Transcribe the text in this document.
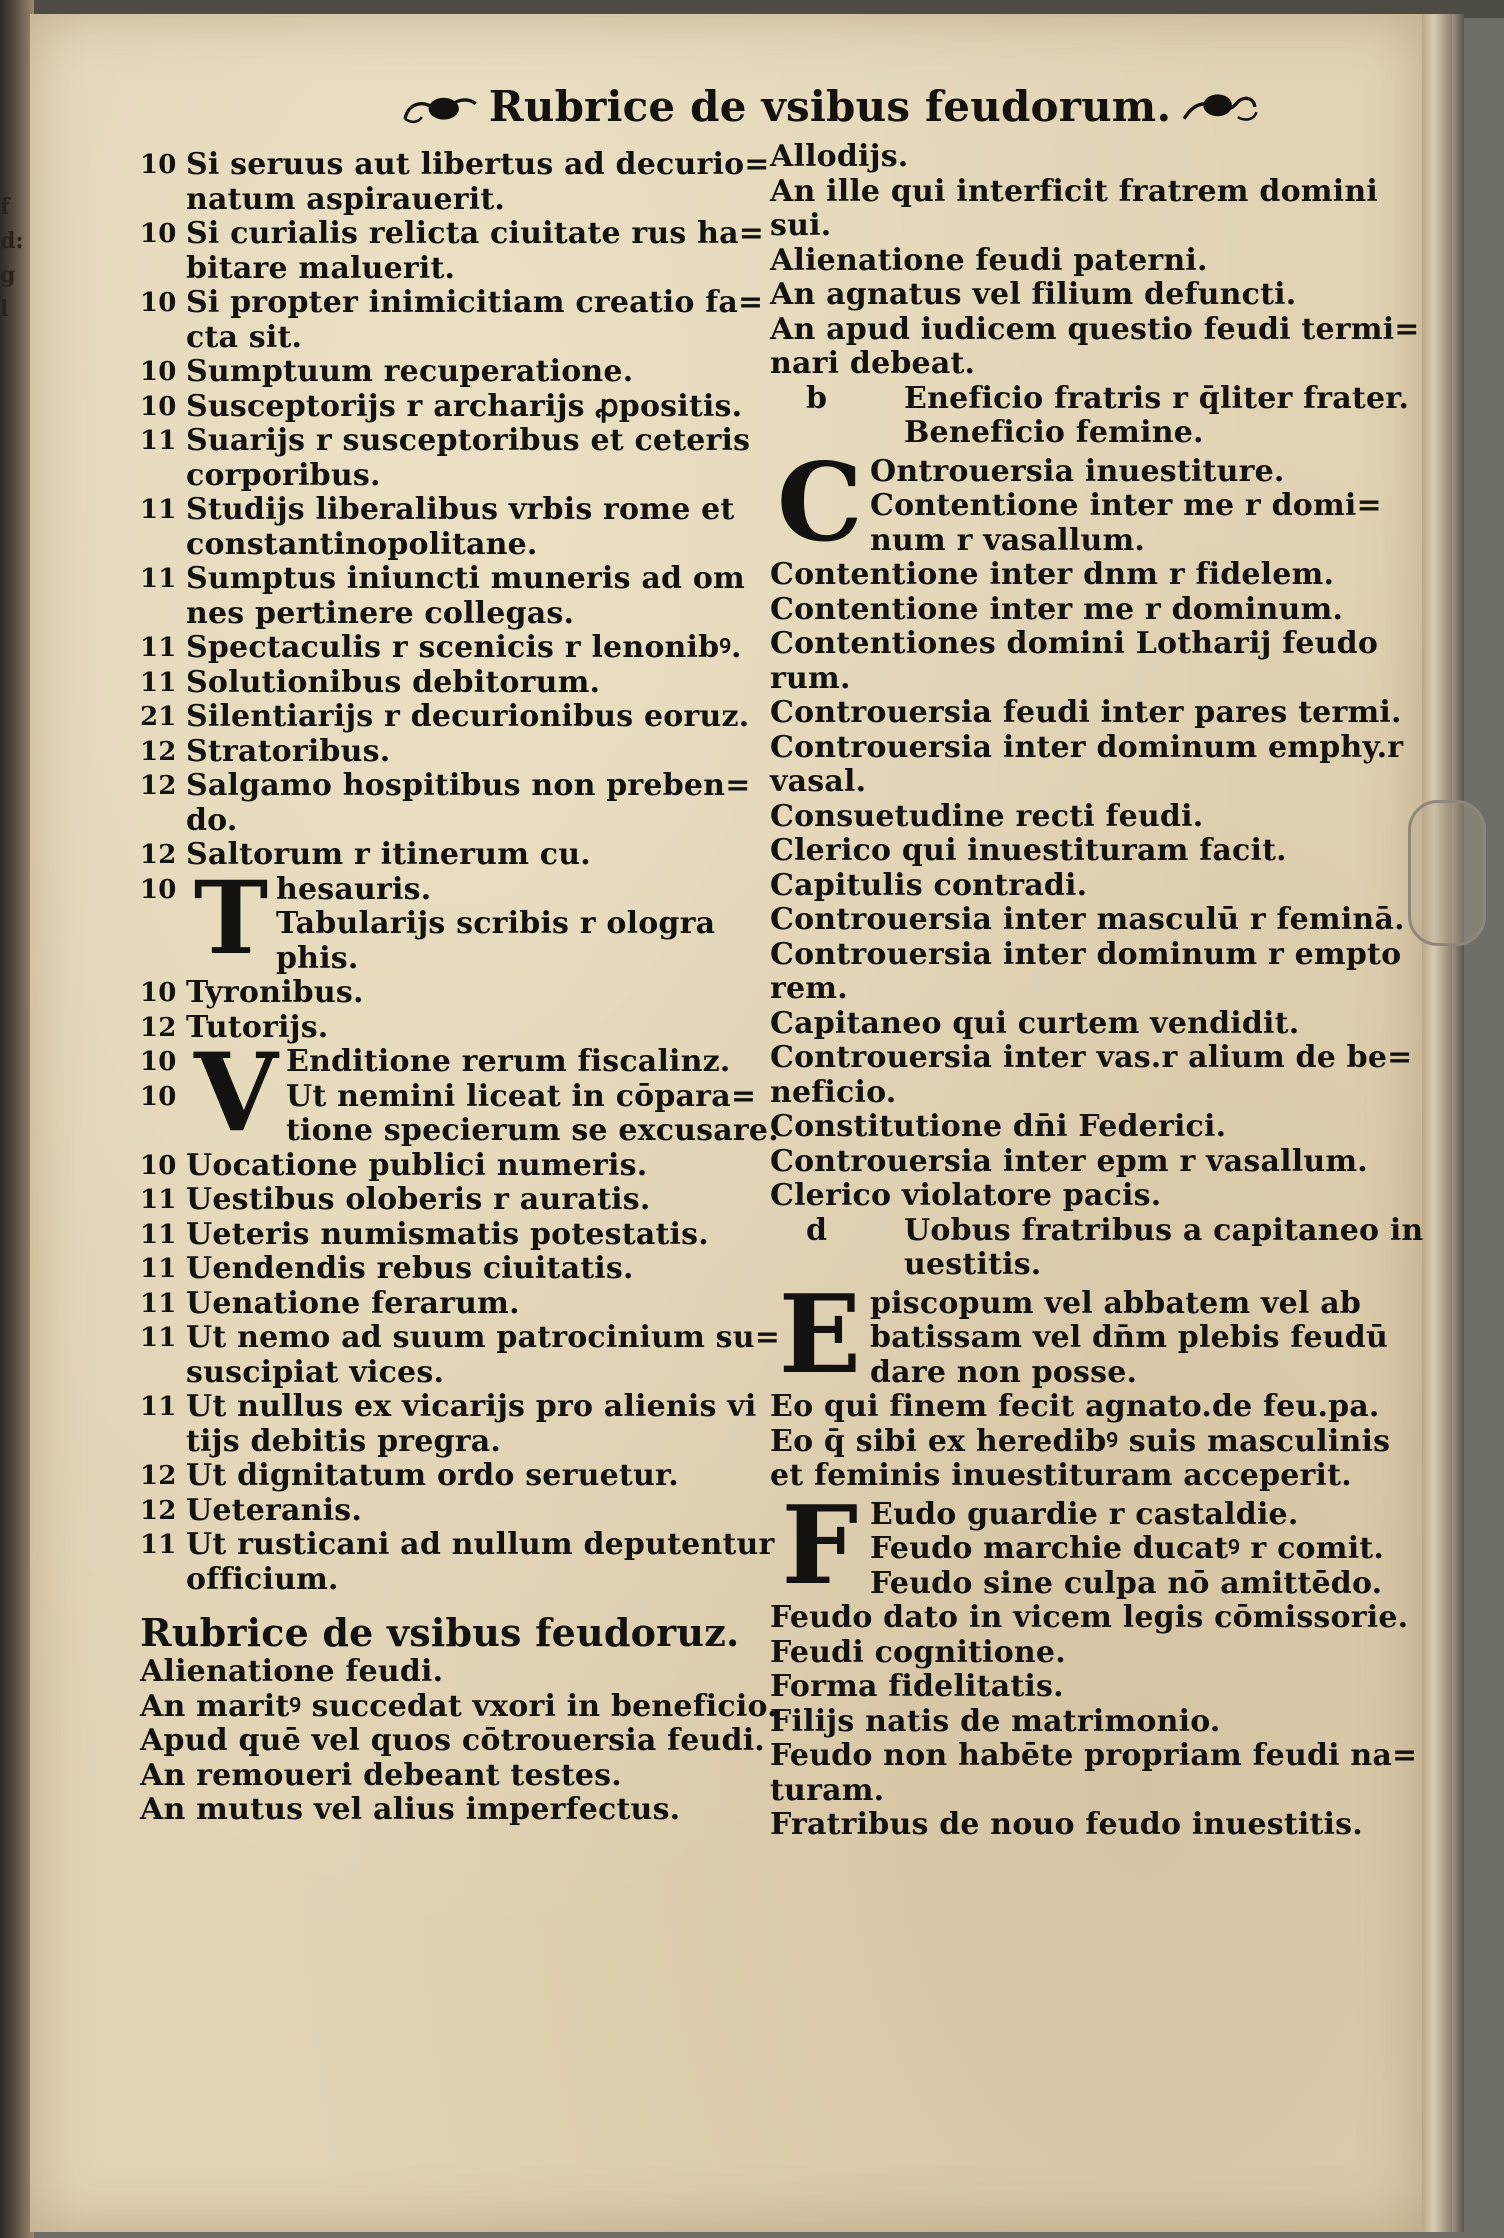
f
d:
g
l
Rubrice de vsibus feudorum.
10 Si seruus aut libertus ad decurio=
natum aspirauerit.
10 Si curialis relicta ciuitate rus ha=
bitare maluerit.
10 Si propter inimicitiam creatio fa=
cta sit.
10 Sumptuum recuperatione.
10 Susceptorijs r archarijs ꝓpositis.
11 Suarijs r susceptoribus et ceteris
corporibus.
11 Studijs liberalibus vrbis rome et
constantinopolitane.
11 Sumptus iniuncti muneris ad om
nes pertinere collegas.
11 Spectaculis r scenicis r lenonibꝰ.
11 Solutionibus debitorum.
21 Silentiarijs r decurionibus eoruz.
12 Stratoribus.
12 Salgamo hospitibus non preben=
do.
12 Saltorum r itinerum cu.
10 T hesauris.
Tabularijs scribis r ologra
phis.
10 Tyronibus.
12 Tutorijs.
10
10 V Enditione rerum fiscalinz.
Ut nemini liceat in cōpara=
tione specierum se excusare.
10 Uocatione publici numeris.
11 Uestibus oloberis r auratis.
11 Ueteris numismatis potestatis.
11 Uendendis rebus ciuitatis.
11 Uenatione ferarum.
11 Ut nemo ad suum patrocinium su=
suscipiat vices.
11 Ut nullus ex vicarijs pro alienis vi
tijs debitis pregra.
12 Ut dignitatum ordo seruetur.
12 Ueteranis.
11 Ut rusticani ad nullum deputentur
officium.
Rubrice de vsibus feudoruz.
Alienatione feudi.
An maritꝰ succedat vxori in beneficio.
Apud quē vel quos cōtrouersia feudi.
An remoueri debeant testes.
An mutus vel alius imperfectus.
Allodijs.
An ille qui interficit fratrem domini
sui.
Alienatione feudi paterni.
An agnatus vel filium defuncti.
An apud iudicem questio feudi termi=
nari debeat.
b	Eneficio fratris r q̄liter frater.
Beneficio femine.
C Ontrouersia inuestiture.
Contentione inter me r domi=
num r vasallum.
Contentione inter dnm r fidelem.
Contentione inter me r dominum.
Contentiones domini Lotharij feudo
rum.
Controuersia feudi inter pares termi.
Controuersia inter dominum emphy.r
vasal.
Consuetudine recti feudi.
Clerico qui inuestituram facit.
Capitulis contradi.
Controuersia inter masculū r feminā.
Controuersia inter dominum r empto
rem.
Capitaneo qui curtem vendidit.
Controuersia inter vas.r alium de be=
neficio.
Constitutione dn̄i Federici.
Controuersia inter epm r vasallum.
Clerico violatore pacis.
d	Uobus fratribus a capitaneo in
uestitis.
E piscopum vel abbatem vel ab
batissam vel dn̄m plebis feudū
dare non posse.
Eo qui finem fecit agnato.de feu.pa.
Eo q̄ sibi ex heredibꝰ suis masculinis
et feminis inuestituram acceperit.
F Eudo guardie r castaldie.
Feudo marchie ducatꝰ r comit.
Feudo sine culpa nō amittēdo.
Feudo dato in vicem legis cōmissorie.
Feudi cognitione.
Forma fidelitatis.
Filijs natis de matrimonio.
Feudo non habēte propriam feudi na=
turam.
Fratribus de nouo feudo inuestitis.
